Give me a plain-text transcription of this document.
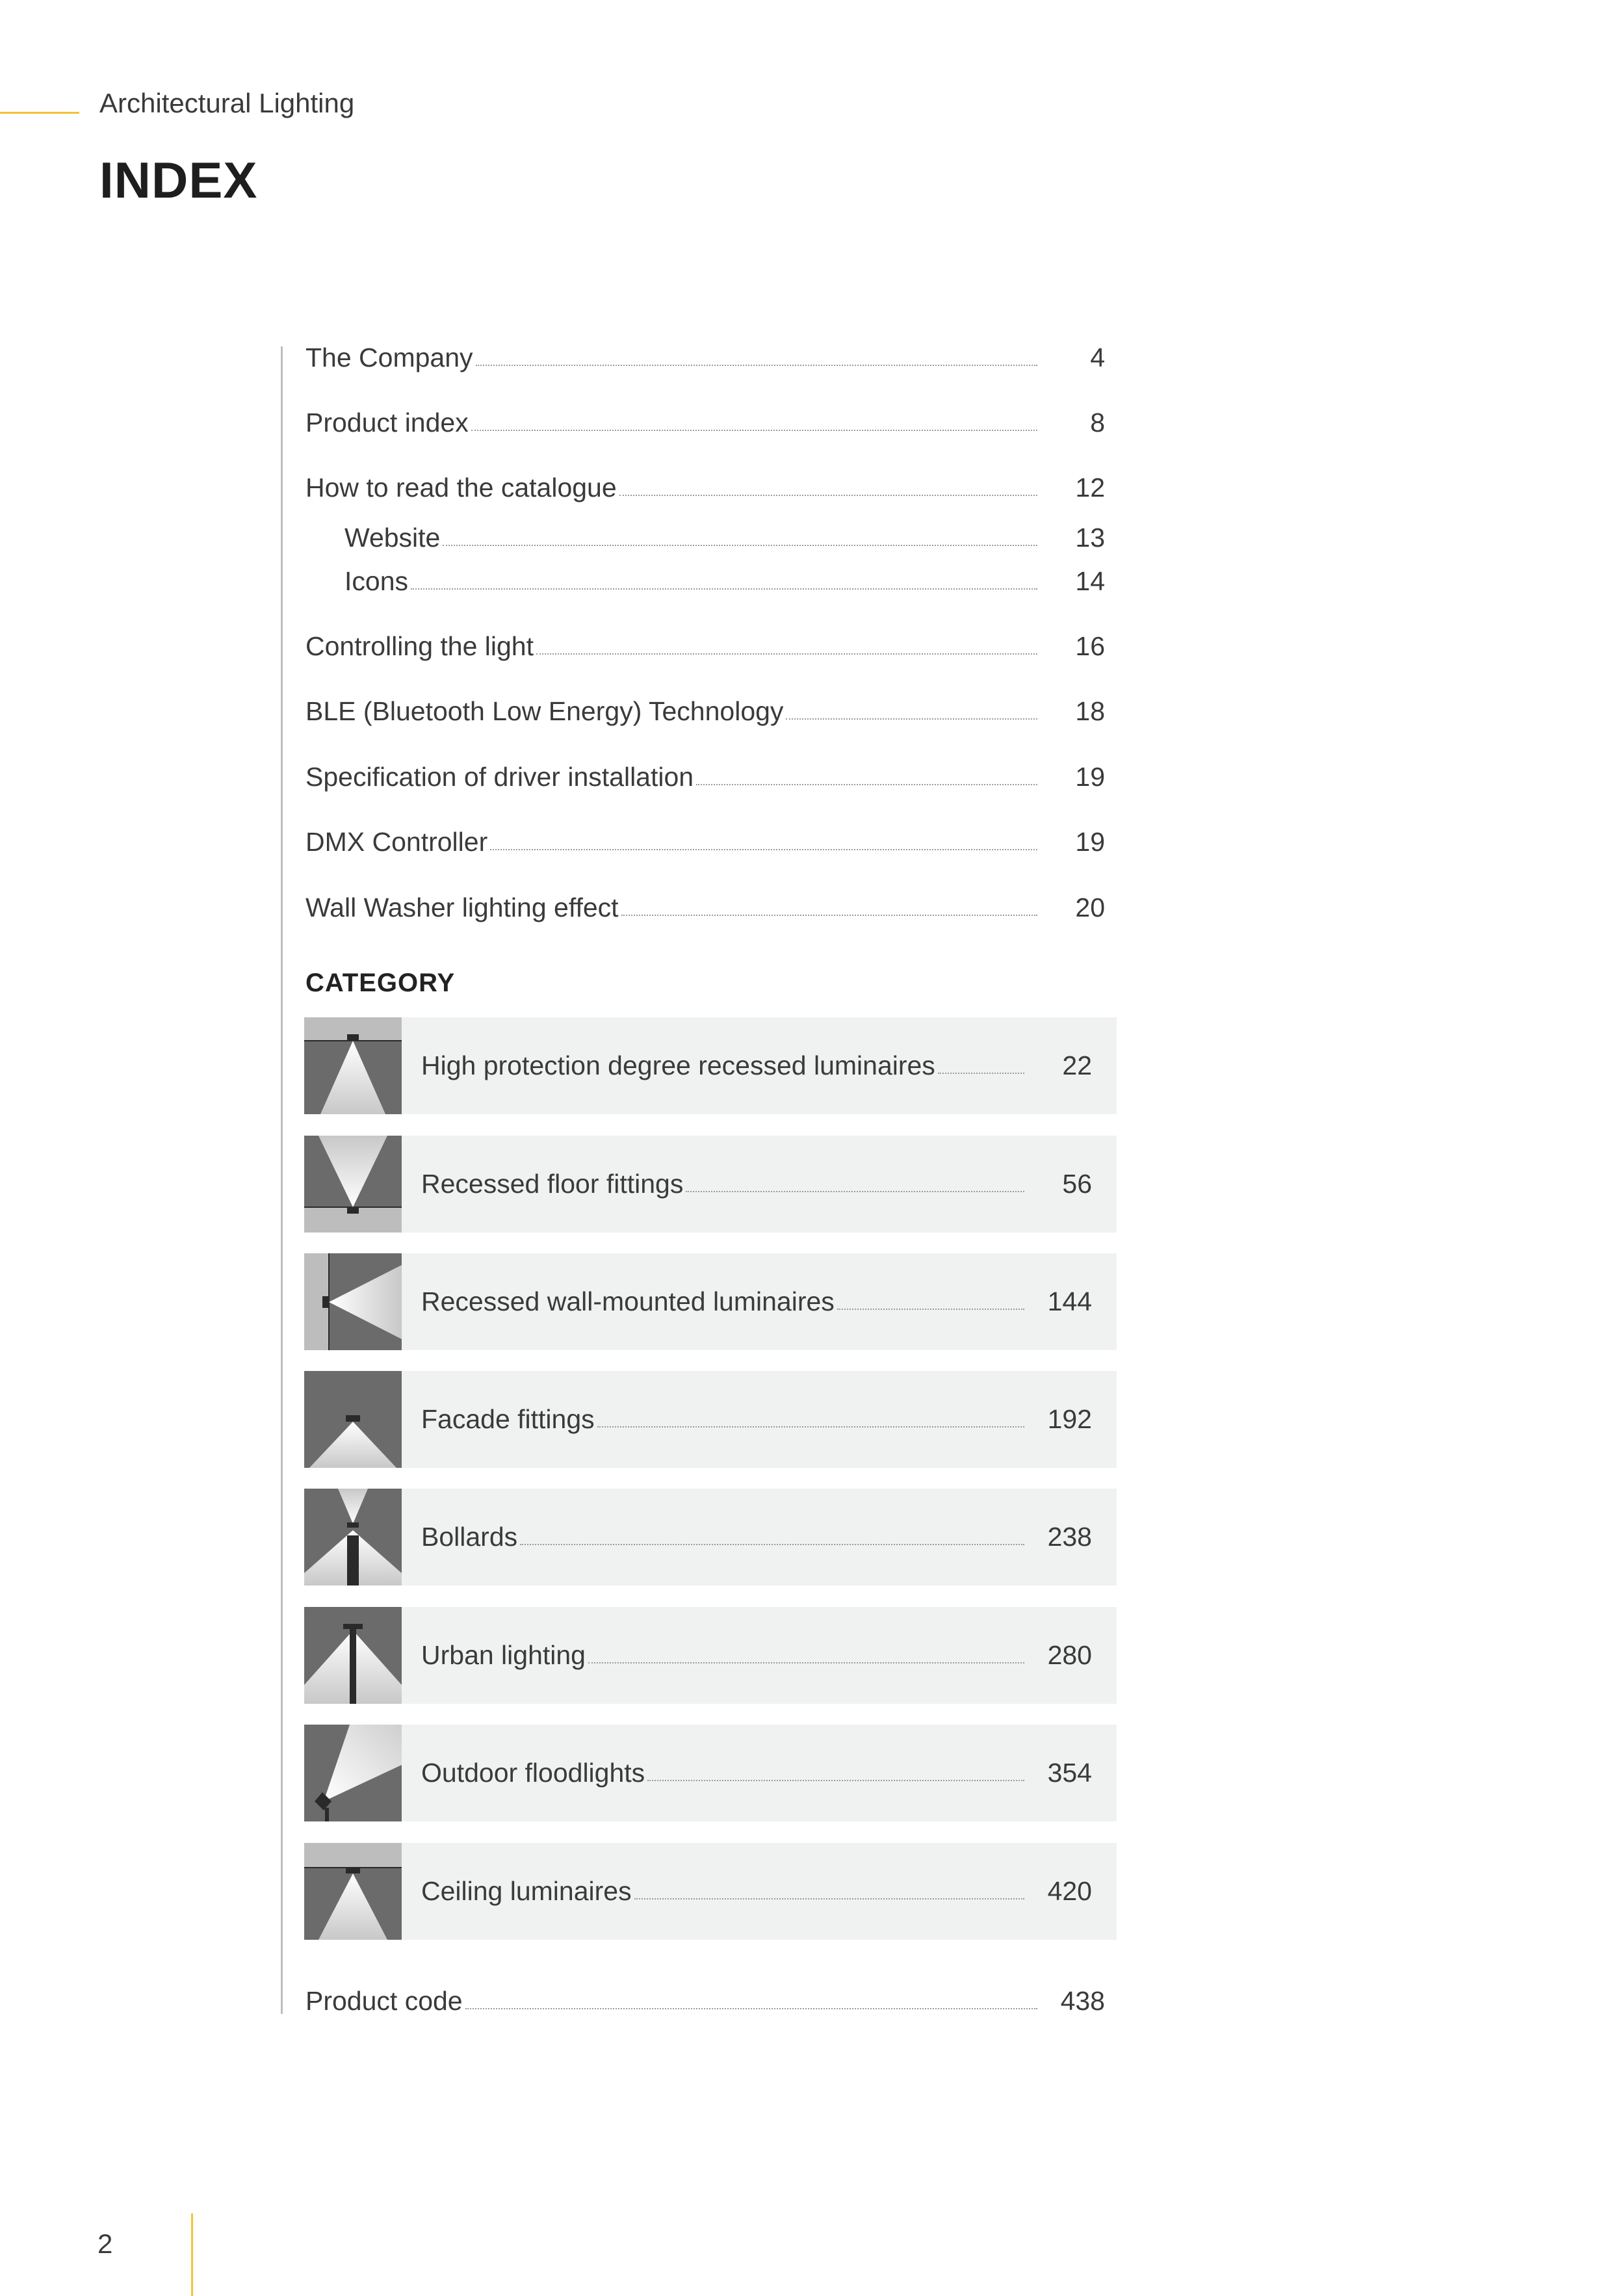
Architectural Lighting
INDEX
The Company	4
Product index	8
How to read the catalogue	12
Website	13
Icons	14
Controlling the light	16
BLE (Bluetooth Low Energy) Technology	18
Specification of driver installation	19
DMX Controller	19
Wall Washer lighting effect	20
CATEGORY
High protection degree recessed luminaires	22
Recessed floor fittings	56
Recessed wall-mounted luminaires	144
Facade fittings	192
Bollards	238
Urban lighting	280
Outdoor floodlights	354
Ceiling luminaires	420
Product code	438
2
